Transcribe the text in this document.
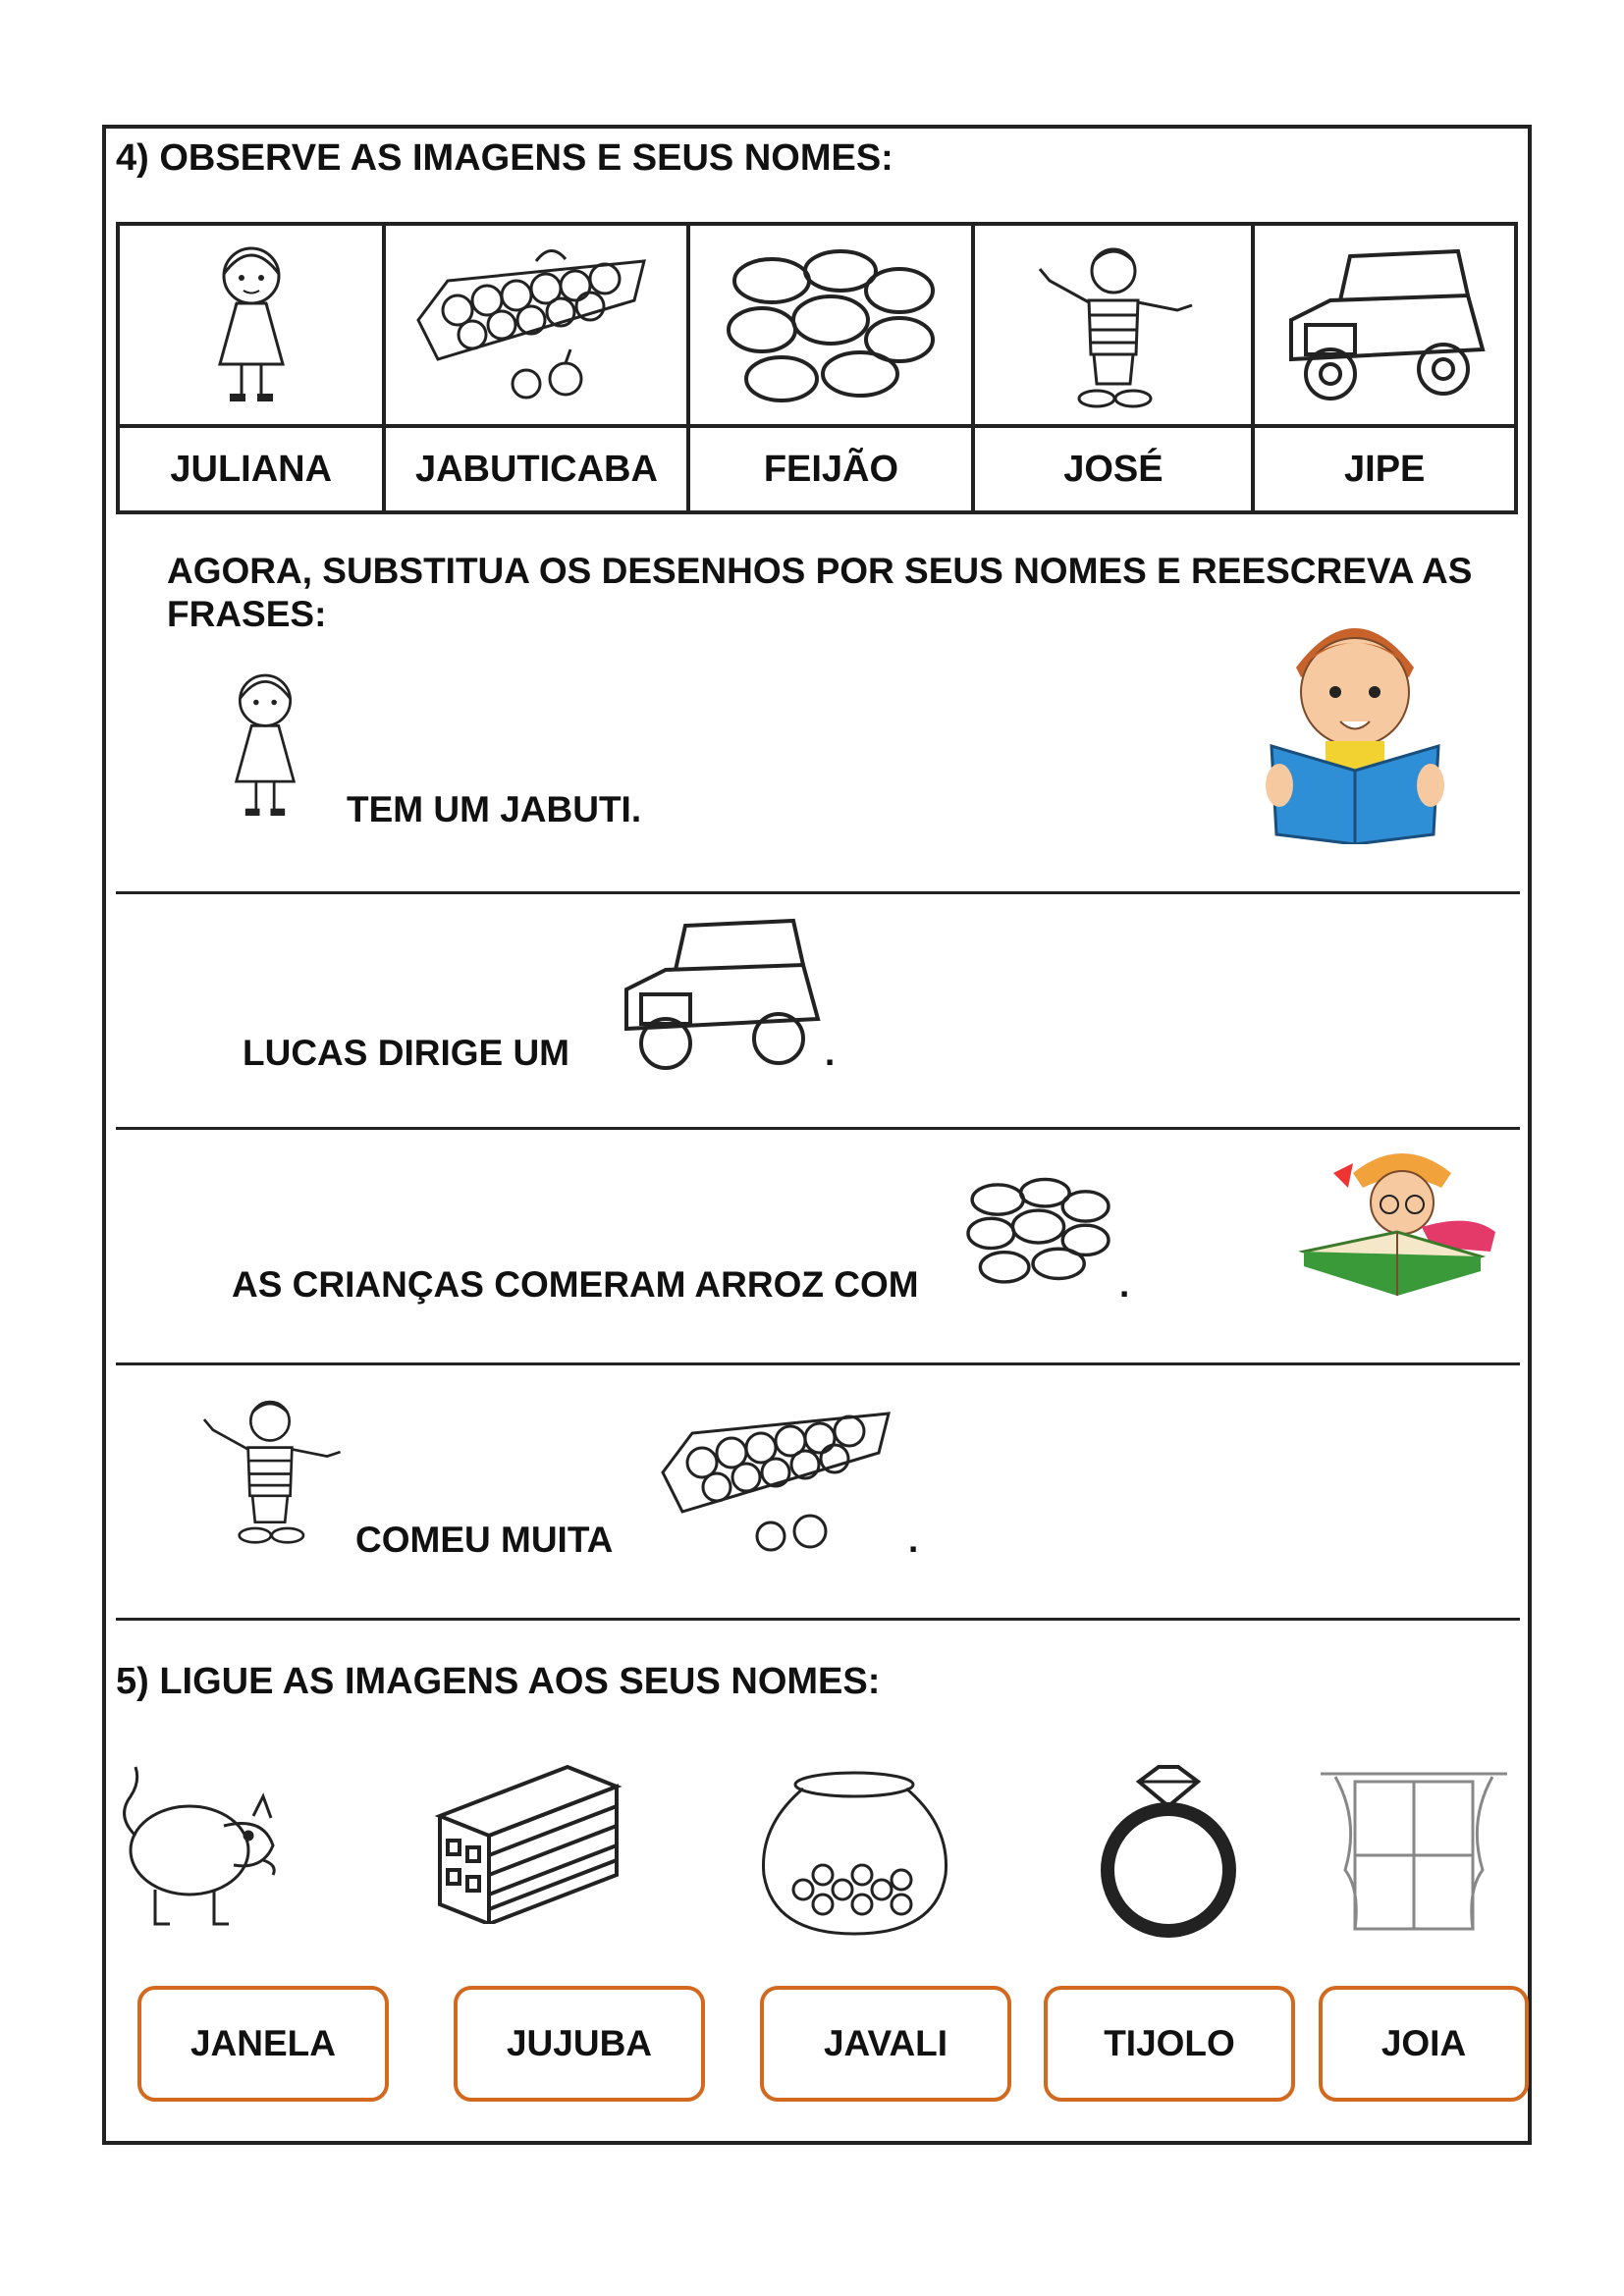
4) OBSERVE AS IMAGENS E SEUS NOMES:

JULIANA	JABUTICABA	FEIJÃO	JOSÉ	JIPE
AGORA, SUBSTITUA OS DESENHOS POR SEUS NOMES E REESCREVA AS FRASES:
TEM UM JABUTI.
LUCAS DIRIGE UM	.
AS CRIANÇAS COMERAM ARROZ COM	.
COMEU MUITA	.
5) LIGUE AS IMAGENS AOS SEUS NOMES:
JANELA	JUJUBA	JAVALI	TIJOLO	JOIA
